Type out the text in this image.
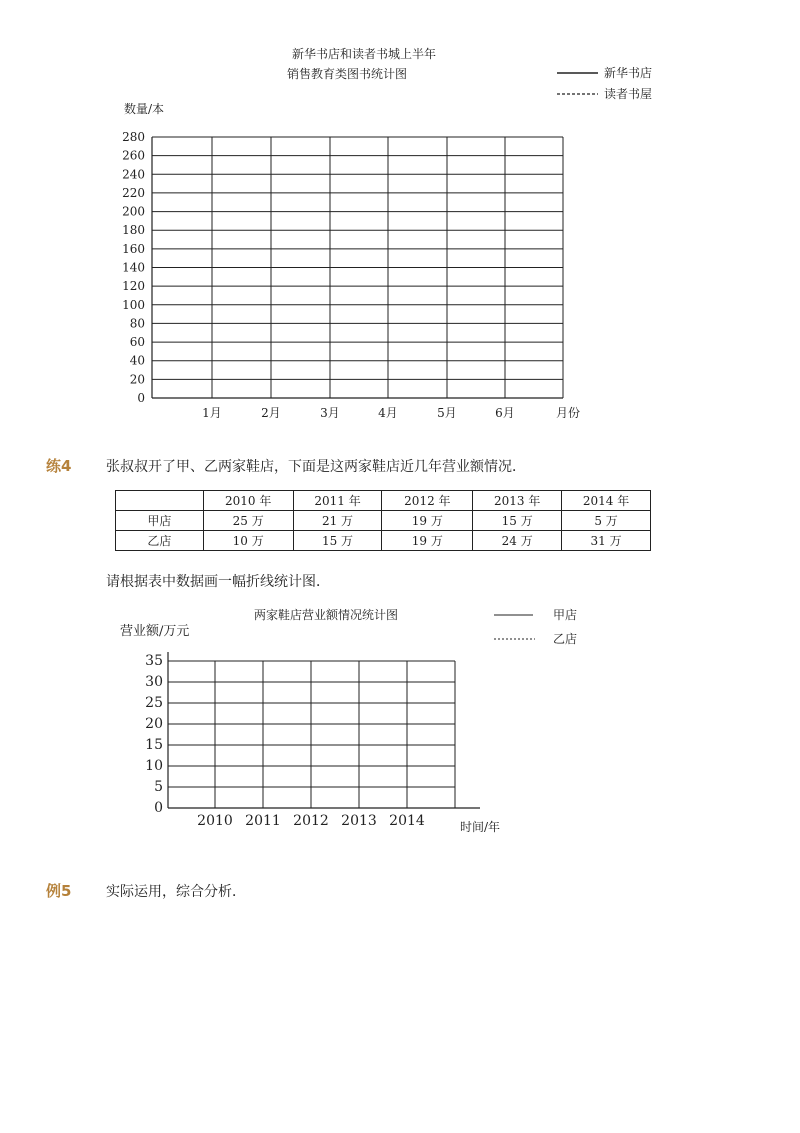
新华书店和读者书城上半年
销售教育类图书统计图	新华书店
读者书屋
数量/本
280
260
240
220
200
180
160
140
120
100
80
60
40
20
0
1月	2月	3月	4月	5月	6月	月份
练4 张叔叔开了甲、乙两家鞋店，下面是这两家鞋店近几年营业额情况．
	2010 年	2011 年	2012 年	2013 年	2014 年
甲店	25 万	21 万	19 万	15 万	5 万
乙店	10 万	15 万	19 万	24 万	31 万
请根据表中数据画一幅折线统计图．
两家鞋店营业额情况统计图	甲店
乙店
营业额/万元
35
30
25
20
15
10
5
0
2010 2011 2012 2013 2014	时间/年
例5 实际运用，综合分析．
